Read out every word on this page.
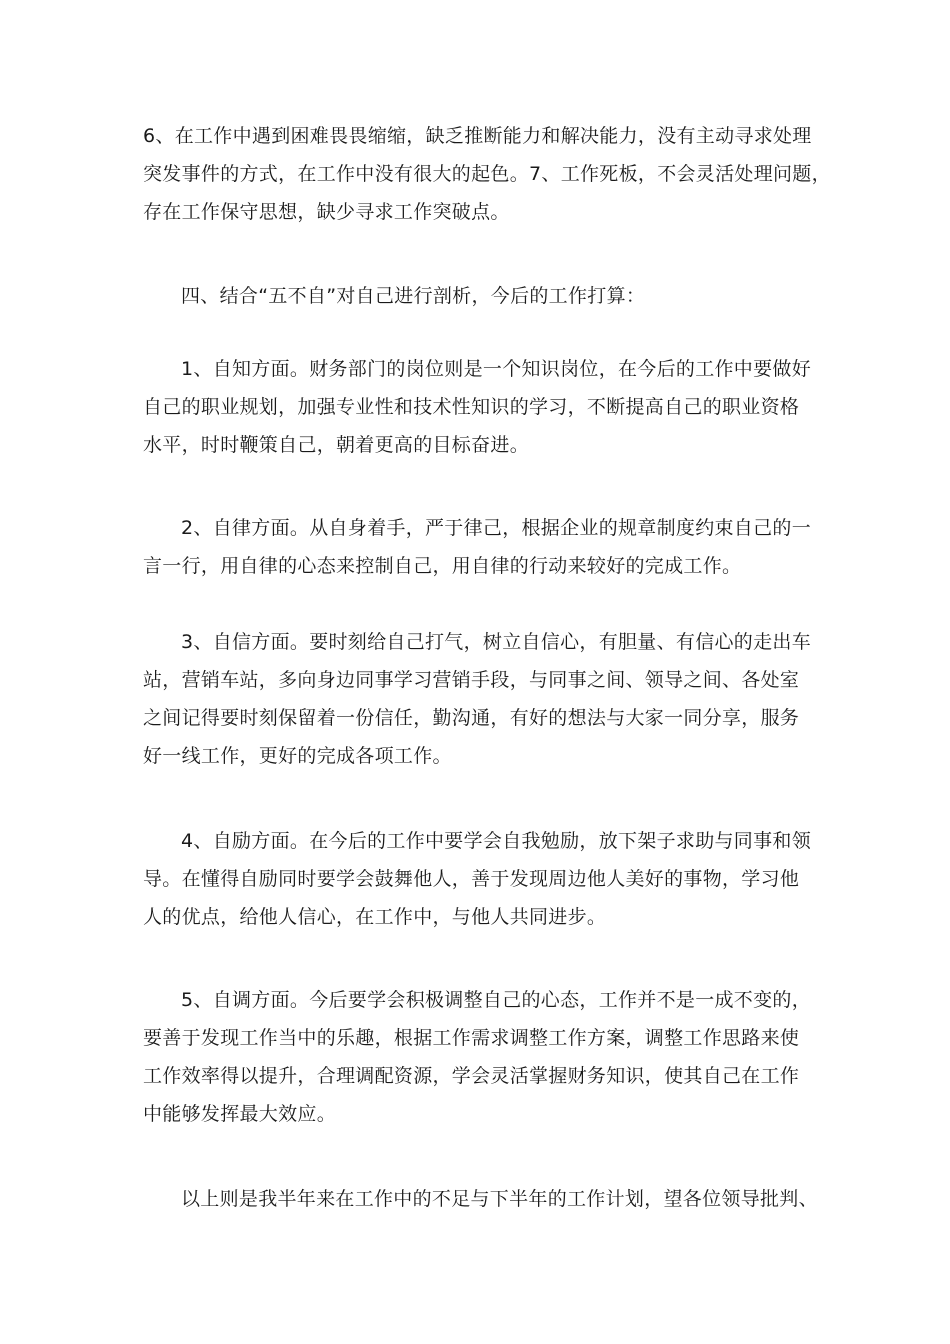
6、在工作中遇到困难畏畏缩缩，缺乏推断能力和解决能力，没有主动寻求处理
突发事件的方式，在工作中没有很大的起色。7、工作死板，不会灵活处理问题，
存在工作保守思想，缺少寻求工作突破点。

四、结合“五不自”对自己进行剖析，今后的工作打算：

1、自知方面。财务部门的岗位则是一个知识岗位，在今后的工作中要做好
自己的职业规划，加强专业性和技术性知识的学习，不断提高自己的职业资格
水平，时时鞭策自己，朝着更高的目标奋进。

2、自律方面。从自身着手，严于律己，根据企业的规章制度约束自己的一
言一行，用自律的心态来控制自己，用自律的行动来较好的完成工作。

3、自信方面。要时刻给自己打气，树立自信心，有胆量、有信心的走出车
站，营销车站，多向身边同事学习营销手段，与同事之间、领导之间、各处室
之间记得要时刻保留着一份信任，勤沟通，有好的想法与大家一同分享，服务
好一线工作，更好的完成各项工作。

4、自励方面。在今后的工作中要学会自我勉励，放下架子求助与同事和领
导。在懂得自励同时要学会鼓舞他人，善于发现周边他人美好的事物，学习他
人的优点，给他人信心，在工作中，与他人共同进步。

5、自调方面。今后要学会积极调整自己的心态，工作并不是一成不变的，
要善于发现工作当中的乐趣，根据工作需求调整工作方案，调整工作思路来使
工作效率得以提升，合理调配资源，学会灵活掌握财务知识，使其自己在工作
中能够发挥最大效应。

以上则是我半年来在工作中的不足与下半年的工作计划，望各位领导批判、
